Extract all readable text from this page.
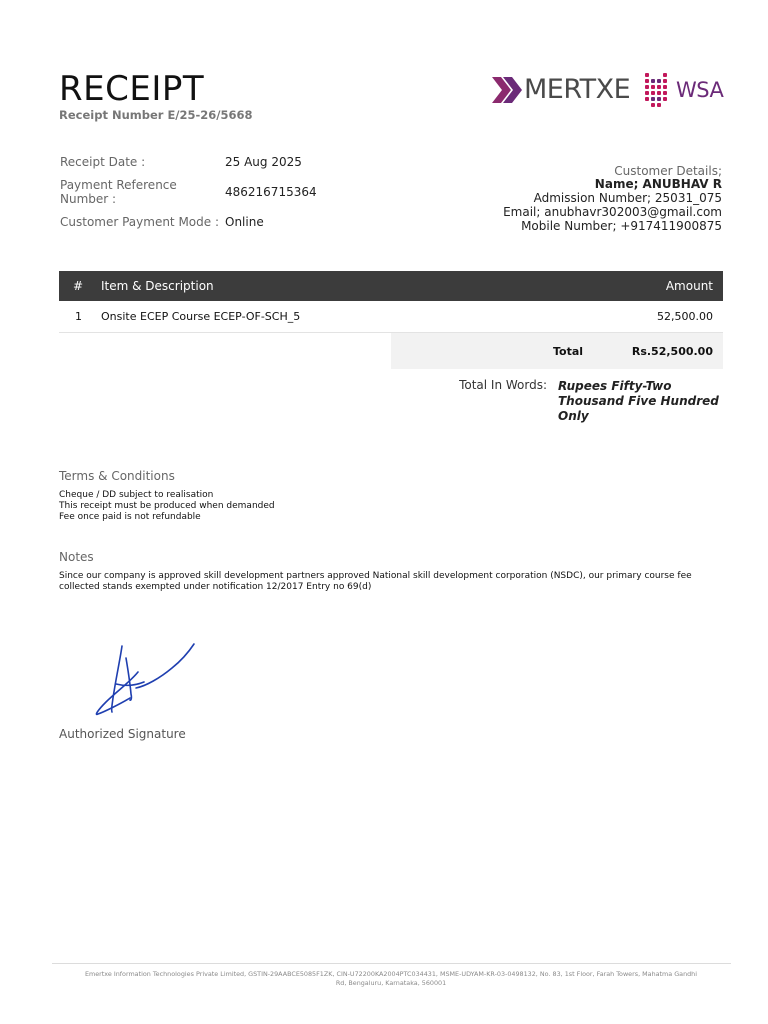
RECEIPT
Receipt Number E/25-26/5668
MERTXE WSA
Receipt Date :	25 Aug 2025
Payment Reference
Number :	486216715364
Customer Payment Mode : Online
Customer Details;
Name; ANUBHAV R
Admission Number; 25031_075
Email; anubhavr302003@gmail.com
Mobile Number; +917411900875
# Item & Description	Amount
1 Onsite ECEP Course ECEP-OF-SCH_5	52,500.00
Total	Rs.52,500.00
Total In Words: Rupees Fifty-Two
Thousand Five Hundred
Only
Terms & Conditions
Cheque / DD subject to realisation
This receipt must be produced when demanded
Fee once paid is not refundable
Notes
Since our company is approved skill development partners approved National skill development corporation (NSDC), our primary course fee
collected stands exempted under notification 12/2017 Entry no 69(d)
Authorized Signature
Emertxe Information Technologies Private Limited, GSTIN-29AABCE5085F1ZK, CIN-U72200KA2004PTC034431, MSME-UDYAM-KR-03-0498132, No. 83, 1st Floor, Farah Towers, Mahatma Gandhi
Rd, Bengaluru, Karnataka, 560001
